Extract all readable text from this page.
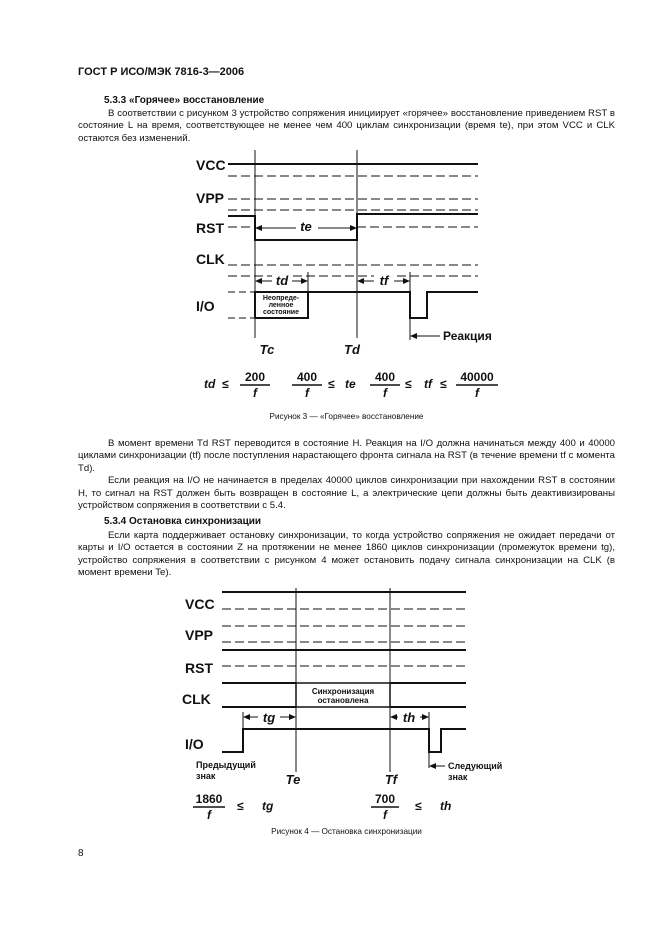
ГОСТ Р ИСО/МЭК 7816-3—2006
5.3.3 «Горячее» восстановление

В соответствии с рисунком 3 устройство сопряжения инициирует «горячее» восстановление приведением RST в состояние L на время, соответствующее не менее чем 400 циклам синхронизации (время te), при этом VCC и CLK остаются без изменений.

VCC
VPP
RST
CLK
I/O
te
td	tf
Неопреде-
ленное
состояние
Реакция
Tc	Td
td ≤ 200
f
400
f
≤ te 400
f
≤ tf ≤ 40000
f
Рисунок 3 — «Горячее» восстановление

В момент времени Td RST переводится в состояние H. Реакция на I/O должна начинаться между 400 и 40000 циклами синхронизации (tf) после поступления нарастающего фронта сигнала на RST (в течение времени tf с момента Td).

Если реакция на I/O не начинается в пределах 40000 циклов синхронизации при нахождении RST в состоянии H, то сигнал на RST должен быть возвращен в состояние L, а электрические цепи должны быть деактивизированы устройством сопряжения в соответствии с 5.4.

5.3.4 Остановка синхронизации

Если карта поддерживает остановку синхронизации, то когда устройство сопряжения не ожидает передачи от карты и I/O остается в состоянии Z на протяжении не менее 1860 циклов синхронизации (промежуток времени tg), устройство сопряжения в соответствии с рисунком 4 может остановить подачу сигнала синхронизации на CLK (в момент времени Te).

VCC
VPP
RST
CLK
I/O
Синхронизация
остановлена
tg	th
Предыдущий
знак
Следующий
знак
Te	Tf
1860
f
≤ tg	700
f
≤ th
Рисунок 4 — Остановка синхронизации
8
